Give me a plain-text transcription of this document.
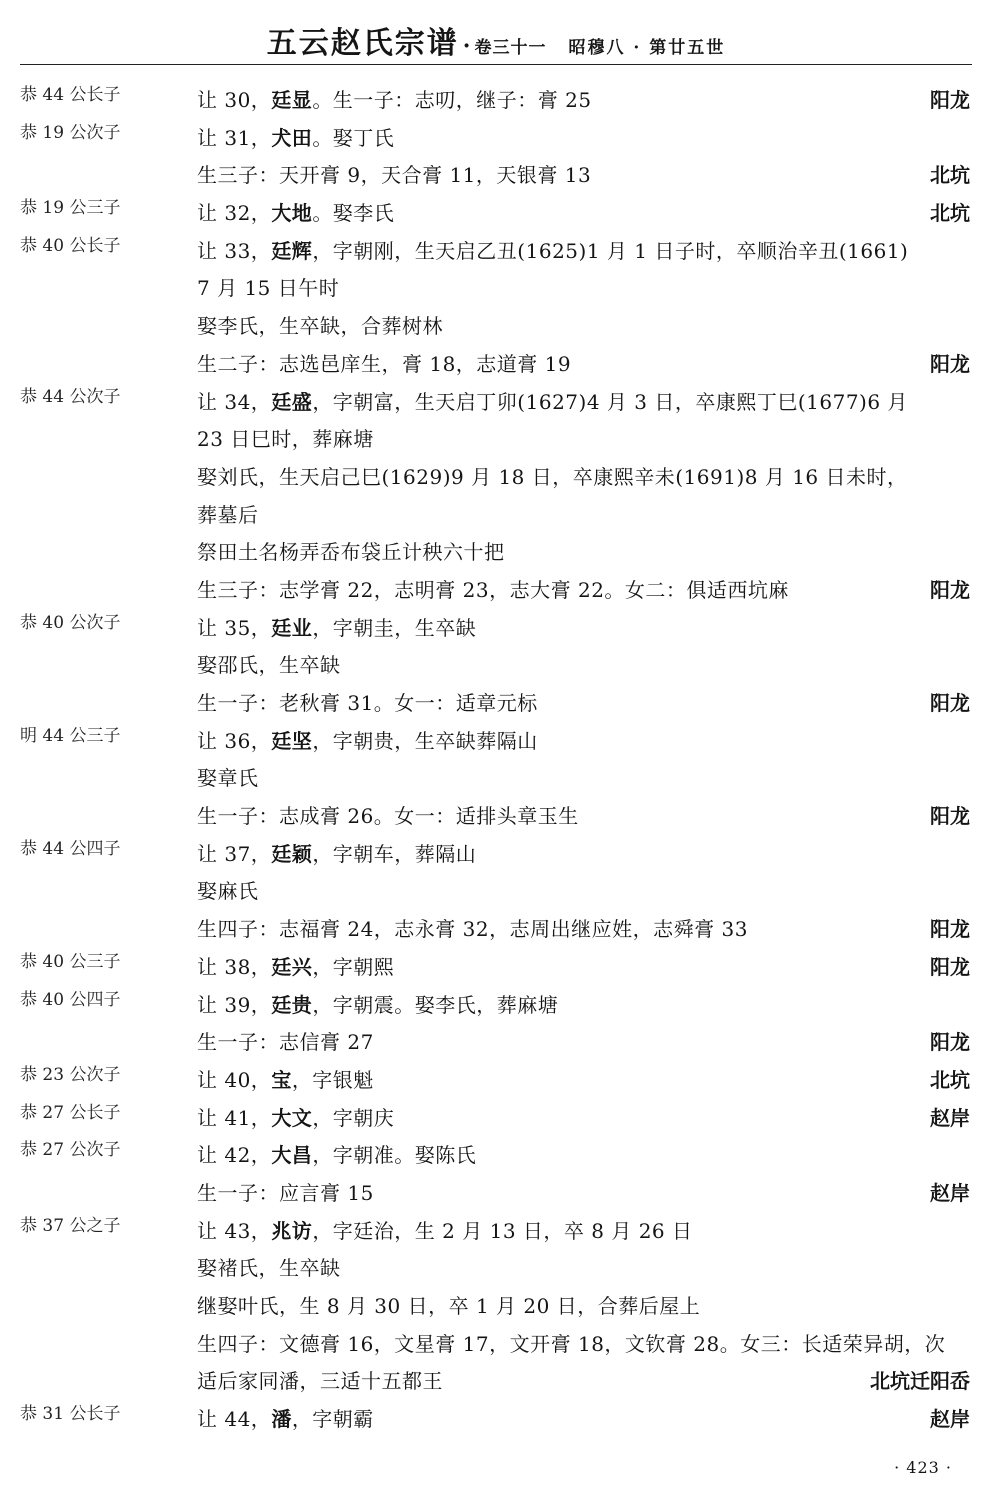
五云赵氏宗谱 · 卷三十一 昭穆八 · 第廿五世
恭 44 公长子	让 30，廷显。生一子：志叨，继子：膏 25	阳龙
恭 19 公次子	让 31，犬田。娶丁氏
生三子：天开膏 9，天合膏 11，天银膏 13	北坑
恭 19 公三子	让 32，大地。娶李氏	北坑
恭 40 公长子	让 33，廷辉，字朝刚，生天启乙丑(1625)1 月 1 日子时，卒顺治辛丑(1661)
7 月 15 日午时
娶李氏，生卒缺，合葬树林
生二子：志选邑庠生，膏 18，志道膏 19	阳龙
恭 44 公次子	让 34，廷盛，字朝富，生天启丁卯(1627)4 月 3 日，卒康熙丁巳(1677)6 月
23 日巳时，葬麻塘
娶刘氏，生天启己巳(1629)9 月 18 日，卒康熙辛未(1691)8 月 16 日未时，
葬墓后
祭田土名杨弄岙布袋丘计秧六十把
生三子：志学膏 22，志明膏 23，志大膏 22。女二：俱适西坑麻	阳龙
恭 40 公次子	让 35，廷业，字朝圭，生卒缺
娶邵氏，生卒缺
生一子：老秋膏 31。女一：适章元标	阳龙
明 44 公三子	让 36，廷坚，字朝贵，生卒缺葬隔山
娶章氏
生一子：志成膏 26。女一：适排头章玉生	阳龙
恭 44 公四子	让 37，廷颖，字朝车，葬隔山
娶麻氏
生四子：志福膏 24，志永膏 32，志周出继应姓，志舜膏 33	阳龙
恭 40 公三子	让 38，廷兴，字朝熙	阳龙
恭 40 公四子	让 39，廷贵，字朝震。娶李氏，葬麻塘
生一子：志信膏 27	阳龙
恭 23 公次子	让 40，宝，字银魁	北坑
恭 27 公长子	让 41，大文，字朝庆	赵岸
恭 27 公次子	让 42，大昌，字朝准。娶陈氏
生一子：应言膏 15	赵岸
恭 37 公之子	让 43，兆访，字廷治，生 2 月 13 日，卒 8 月 26 日
娶褚氏，生卒缺
继娶叶氏，生 8 月 30 日，卒 1 月 20 日，合葬后屋上
生四子：文德膏 16，文星膏 17，文开膏 18，文钦膏 28。女三：长适荣异胡，次
适后家同潘，三适十五都王	北坑迁阳岙
恭 31 公长子	让 44，潘，字朝霸	赵岸
· 423 ·
